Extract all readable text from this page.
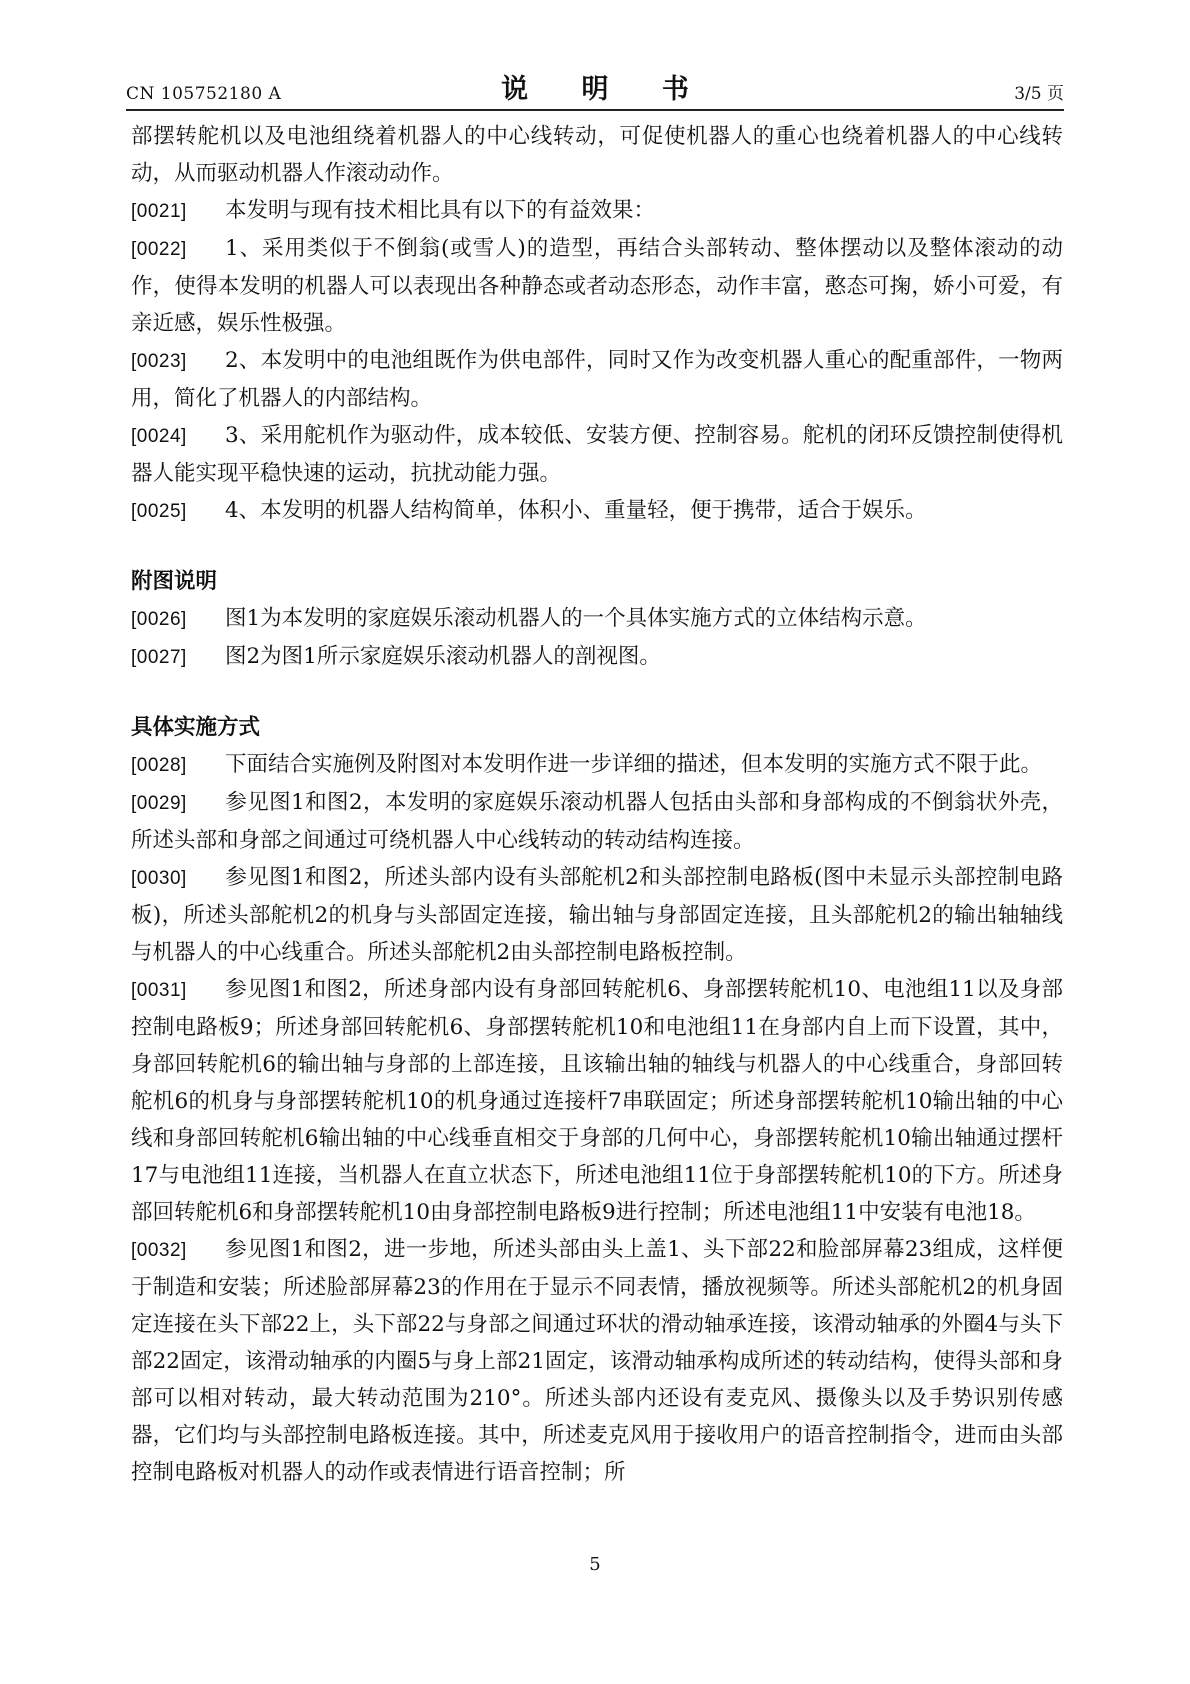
CN 105752180 A	说 明 书	3/5 页

部摆转舵机以及电池组绕着机器人的中心线转动，可促使机器人的重心也绕着机器人的中心线转动，从而驱动机器人作滚动动作。

[0021] 本发明与现有技术相比具有以下的有益效果：

[0022] 1、采用类似于不倒翁(或雪人)的造型，再结合头部转动、整体摆动以及整体滚动的动作，使得本发明的机器人可以表现出各种静态或者动态形态，动作丰富，憨态可掬，娇小可爱，有亲近感，娱乐性极强。

[0023] 2、本发明中的电池组既作为供电部件，同时又作为改变机器人重心的配重部件，一物两用，简化了机器人的内部结构。

[0024] 3、采用舵机作为驱动件，成本较低、安装方便、控制容易。舵机的闭环反馈控制使得机器人能实现平稳快速的运动，抗扰动能力强。

[0025] 4、本发明的机器人结构简单，体积小、重量轻，便于携带，适合于娱乐。

附图说明

[0026] 图1为本发明的家庭娱乐滚动机器人的一个具体实施方式的立体结构示意。

[0027] 图2为图1所示家庭娱乐滚动机器人的剖视图。

具体实施方式

[0028] 下面结合实施例及附图对本发明作进一步详细的描述，但本发明的实施方式不限于此。

[0029] 参见图1和图2，本发明的家庭娱乐滚动机器人包括由头部和身部构成的不倒翁状外壳，所述头部和身部之间通过可绕机器人中心线转动的转动结构连接。

[0030] 参见图1和图2，所述头部内设有头部舵机2和头部控制电路板(图中未显示头部控制电路板)，所述头部舵机2的机身与头部固定连接，输出轴与身部固定连接，且头部舵机2的输出轴轴线与机器人的中心线重合。所述头部舵机2由头部控制电路板控制。

[0031] 参见图1和图2，所述身部内设有身部回转舵机6、身部摆转舵机10、电池组11以及身部控制电路板9；所述身部回转舵机6、身部摆转舵机10和电池组11在身部内自上而下设置，其中，身部回转舵机6的输出轴与身部的上部连接，且该输出轴的轴线与机器人的中心线重合，身部回转舵机6的机身与身部摆转舵机10的机身通过连接杆7串联固定；所述身部摆转舵机10输出轴的中心线和身部回转舵机6输出轴的中心线垂直相交于身部的几何中心，身部摆转舵机10输出轴通过摆杆17与电池组11连接，当机器人在直立状态下，所述电池组11位于身部摆转舵机10的下方。所述身部回转舵机6和身部摆转舵机10由身部控制电路板9进行控制；所述电池组11中安装有电池18。

[0032] 参见图1和图2，进一步地，所述头部由头上盖1、头下部22和脸部屏幕23组成，这样便于制造和安装；所述脸部屏幕23的作用在于显示不同表情，播放视频等。所述头部舵机2的机身固定连接在头下部22上，头下部22与身部之间通过环状的滑动轴承连接，该滑动轴承的外圈4与头下部22固定，该滑动轴承的内圈5与身上部21固定，该滑动轴承构成所述的转动结构，使得头部和身部可以相对转动，最大转动范围为210°。所述头部内还设有麦克风、摄像头以及手势识别传感器，它们均与头部控制电路板连接。其中，所述麦克风用于接收用户的语音控制指令，进而由头部控制电路板对机器人的动作或表情进行语音控制；所

5
